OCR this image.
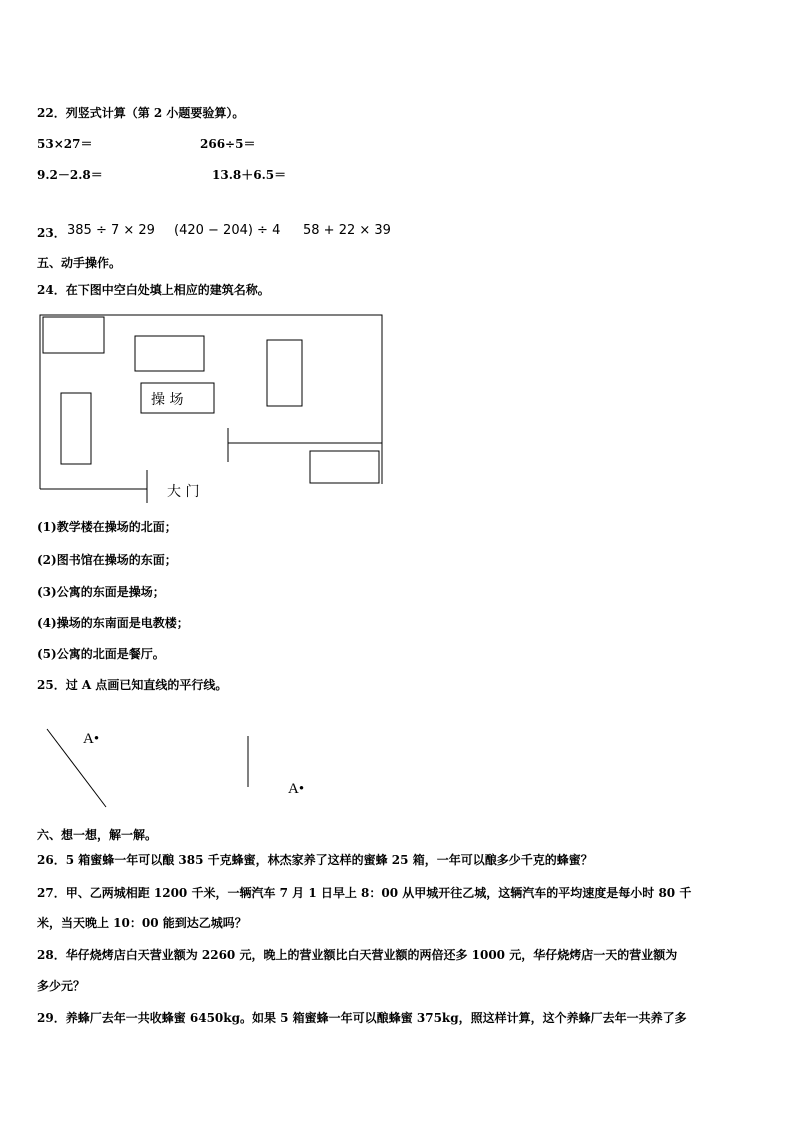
22．列竖式计算（第 2 小题要验算）。
53×27＝	266÷5＝
9.2－2.8＝	13.8＋6.5＝
23． 385 ÷ 7 × 29 (420 − 204) ÷ 4 58 + 22 × 39
五、动手操作。
24．在下图中空白处填上相应的建筑名称。
操 场
大 门
A•
A•
(1)教学楼在操场的北面；
(2)图书馆在操场的东面；
(3)公寓的东面是操场；
(4)操场的东南面是电教楼；
(5)公寓的北面是餐厅。
25．过 A 点画已知直线的平行线。
六、想一想，解一解。
26．5 箱蜜蜂一年可以酿 385 千克蜂蜜，林杰家养了这样的蜜蜂 25 箱，一年可以酿多少千克的蜂蜜？
27．甲、乙两城相距 1200 千米，一辆汽车 7 月 1 日早上 8：00 从甲城开往乙城，这辆汽车的平均速度是每小时 80 千
米，当天晚上 10：00 能到达乙城吗？
28．华仔烧烤店白天营业额为 2260 元，晚上的营业额比白天营业额的两倍还多 1000 元，华仔烧烤店一天的营业额为
多少元？
29．养蜂厂去年一共收蜂蜜 6450kg。如果 5 箱蜜蜂一年可以酿蜂蜜 375kg，照这样计算，这个养蜂厂去年一共养了多
